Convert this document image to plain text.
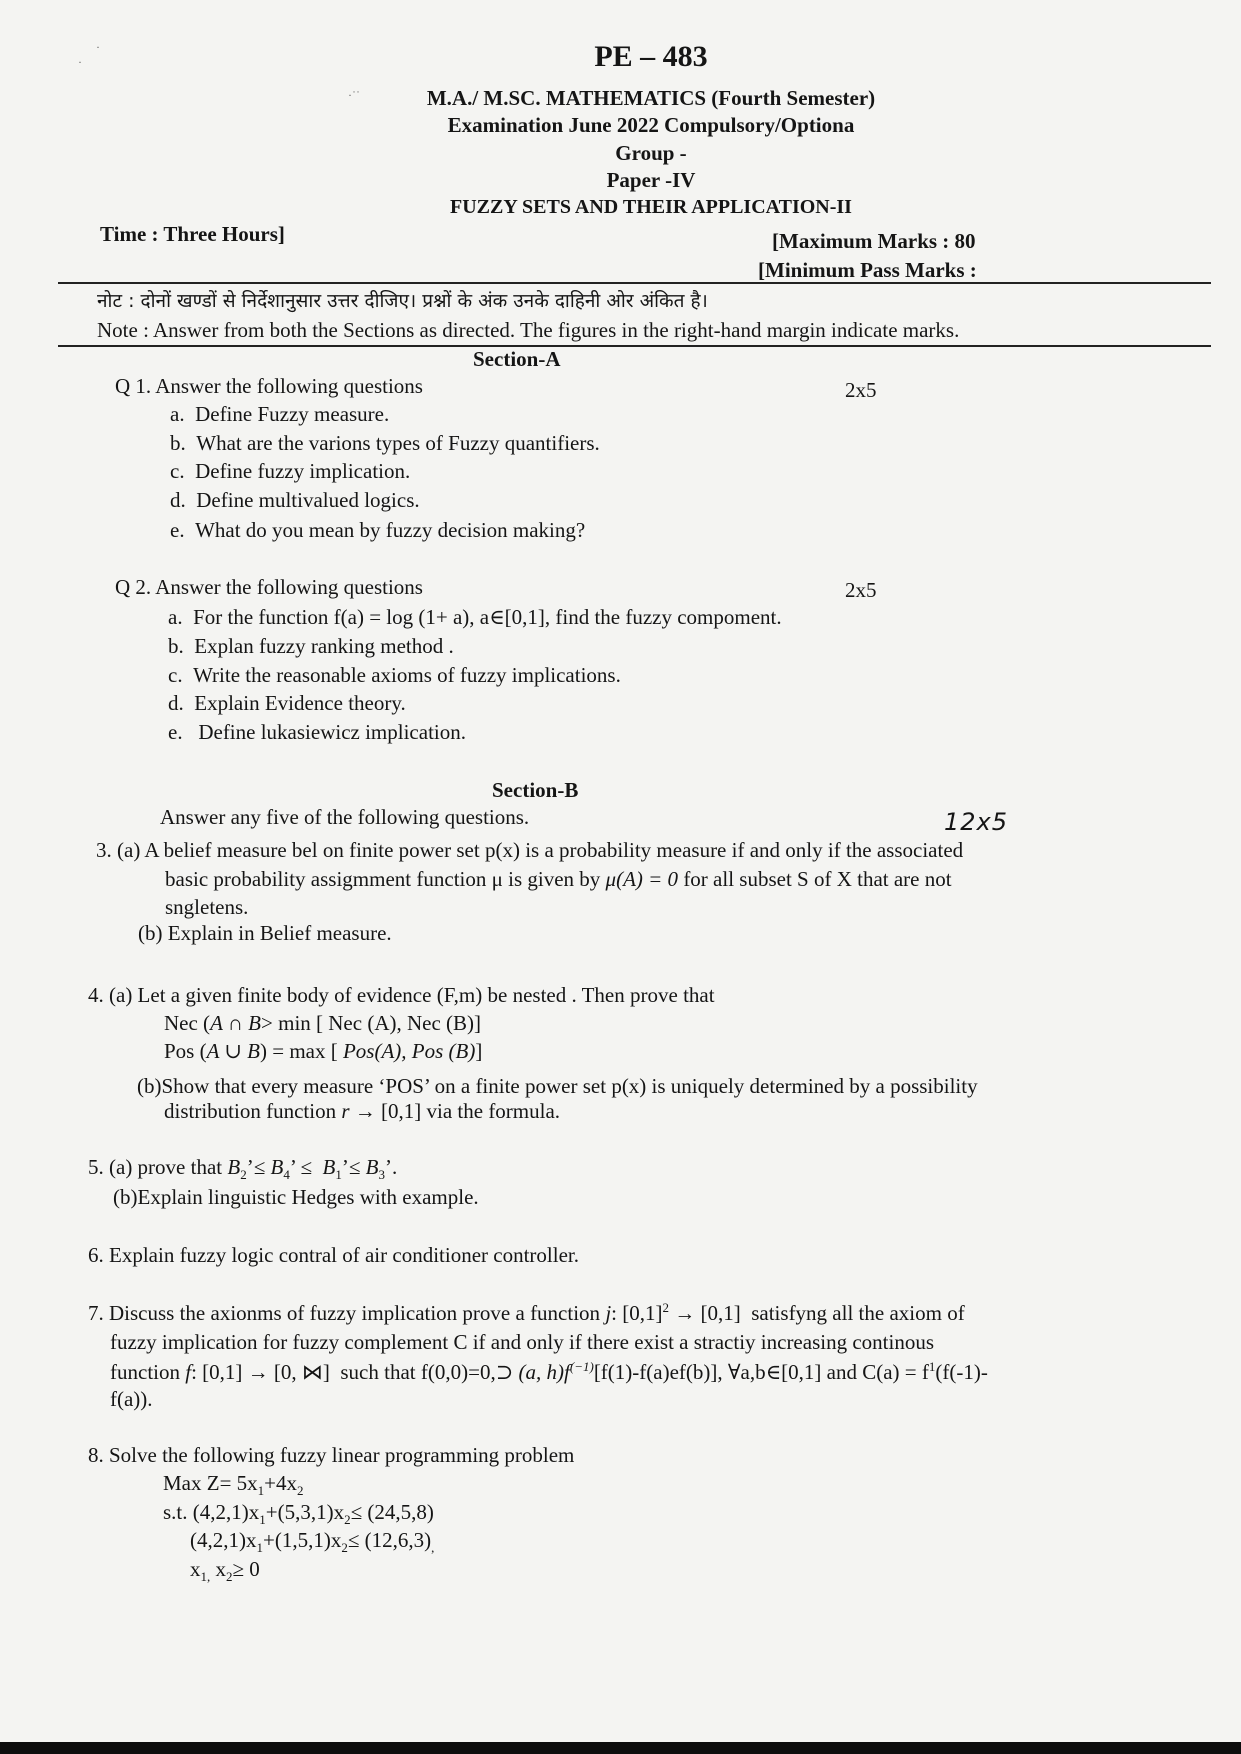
·
·
·˙˙
PE – 483
M.A./ M.SC. MATHEMATICS (Fourth Semester)
Examination June 2022 Compulsory/Optiona
Group -
Paper -IV
FUZZY SETS AND THEIR APPLICATION-II
Time : Three Hours]	[Maximum Marks : 80
[Minimum Pass Marks :
नोट : दोनों खण्डों से निर्देशानुसार उत्तर दीजिए। प्रश्नों के अंक उनके दाहिनी ओर अंकित है।
Note : Answer from both the Sections as directed. The figures in the right-hand margin indicate marks.
Section-A
Q 1. Answer the following questions	2x5
a. Define Fuzzy measure.
b. What are the varions types of Fuzzy quantifiers.
c. Define fuzzy implication.
d. Define multivalued logics.
e. What do you mean by fuzzy decision making?
Q 2. Answer the following questions	2x5
a. For the function f(a) = log (1+ a), a∈[0,1], find the fuzzy compoment.
b. Explan fuzzy ranking method .
c. Write the reasonable axioms of fuzzy implications.
d. Explain Evidence theory.
e.   Define lukasiewicz implication.
Section-B
Answer any five of the following questions.	12x5
3. (a) A belief measure bel on finite power set p(x) is a probability measure if and only if the associated
basic probability assigmment function μ is given by μ(A) = 0 for all subset S of X that are not
sngletens.
(b) Explain in Belief measure.
4. (a) Let a given finite body of evidence (F,m) be nested . Then prove that
Nec (A ∩ B> min [ Nec (A), Nec (B)]
Pos (A ∪ B) = max [ Pos(A), Pos (B)]
(b)Show that every measure ‘POS’ on a finite power set p(x) is uniquely determined by a possibility
distribution function r → [0,1] via the formula.
5. (a) prove that $B_2’\le B_4$’ ≤  $B_1’\le B_3$’.
(b)Explain linguistic Hedges with example.
6. Explain fuzzy logic contral of air conditioner controller.
7. Discuss the axionms of fuzzy implication prove a function j: $[0,1]^2 \to [0,1]$  satisfyng all the axiom of
fuzzy implication for fuzzy complement C if and only if there exist a stractiy increasing continous
function f: [0,1] → [0, ⋈]  such that f(0,0)=0,⊃ (a, $h)f^{(-1)}[f(1)-f(a)ef(b)]$, ∀a,b∈[0,1] and $C(a) = f^1(f(-1)-$
f(a)).
8. Solve the following fuzzy linear programming problem
Max $Z= 5x_1+4x_2$
s.t. $(4,2,1)x_1+(5,3,1)x_2\le (24,5,8)$
$(4,2,1)x_1+(1,5,1)x_2\le (12,6,3)_,$
$x_{1,}$ $x_2\ge 0$
